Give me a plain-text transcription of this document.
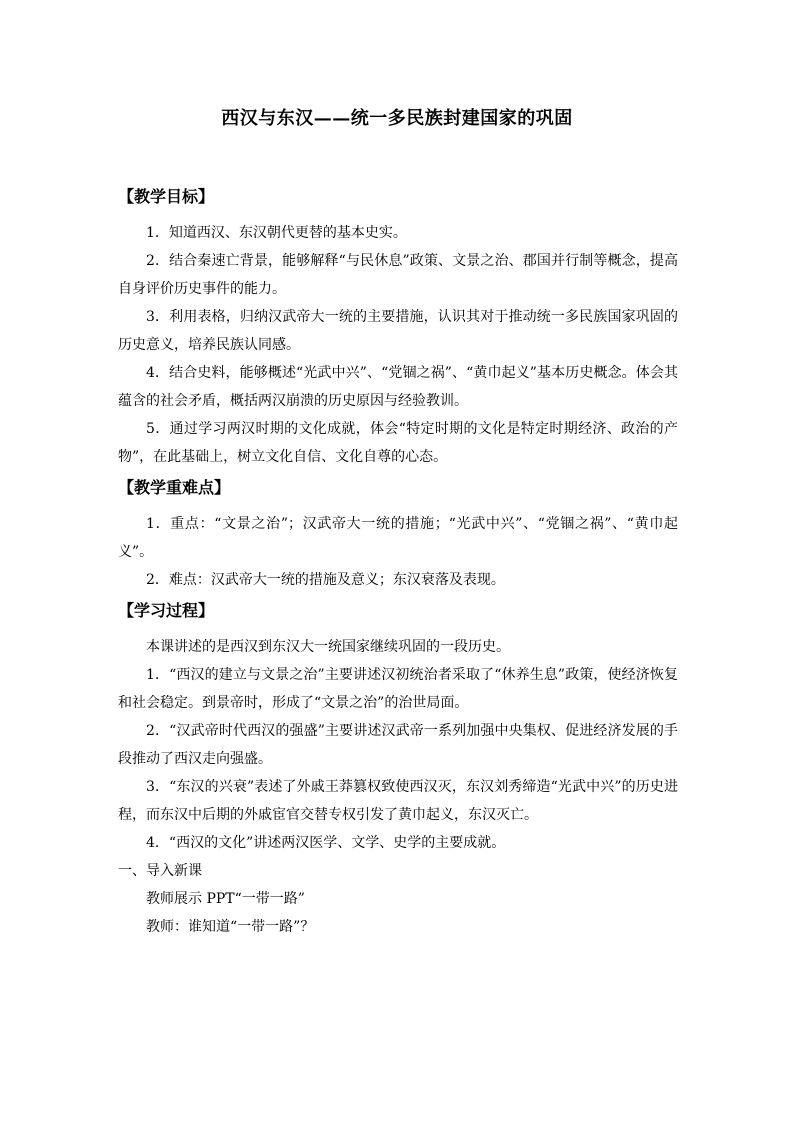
西汉与东汉——统一多民族封建国家的巩固
【教学目标】

1．知道西汉、东汉朝代更替的基本史实。

2．结合秦速亡背景，能够解释“与民休息”政策、文景之治、郡国并行制等概念，提高自身评价历史事件的能力。

3．利用表格，归纳汉武帝大一统的主要措施，认识其对于推动统一多民族国家巩固的历史意义，培养民族认同感。

4．结合史料，能够概述“光武中兴”、“党锢之祸”、“黄巾起义”基本历史概念。体会其蕴含的社会矛盾，概括两汉崩溃的历史原因与经验教训。

5．通过学习两汉时期的文化成就，体会“特定时期的文化是特定时期经济、政治的产物”，在此基础上，树立文化自信、文化自尊的心态。

【教学重难点】

1．重点：“文景之治”；汉武帝大一统的措施；“光武中兴”、“党锢之祸”、“黄巾起义”。

2．难点：汉武帝大一统的措施及意义；东汉衰落及表现。

【学习过程】

本课讲述的是西汉到东汉大一统国家继续巩固的一段历史。

1．“西汉的建立与文景之治”主要讲述汉初统治者采取了“休养生息”政策，使经济恢复和社会稳定。到景帝时，形成了“文景之治”的治世局面。

2．“汉武帝时代西汉的强盛”主要讲述汉武帝一系列加强中央集权、促进经济发展的手段推动了西汉走向强盛。

3．“东汉的兴衰”表述了外戚王莽篡权致使西汉灭，东汉刘秀缔造“光武中兴”的历史进程，而东汉中后期的外戚宦官交替专权引发了黄巾起义，东汉灭亡。

4．“西汉的文化”讲述两汉医学、文学、史学的主要成就。

一、导入新课

教师展示 PPT“一带一路”

教师：谁知道“一带一路”？
